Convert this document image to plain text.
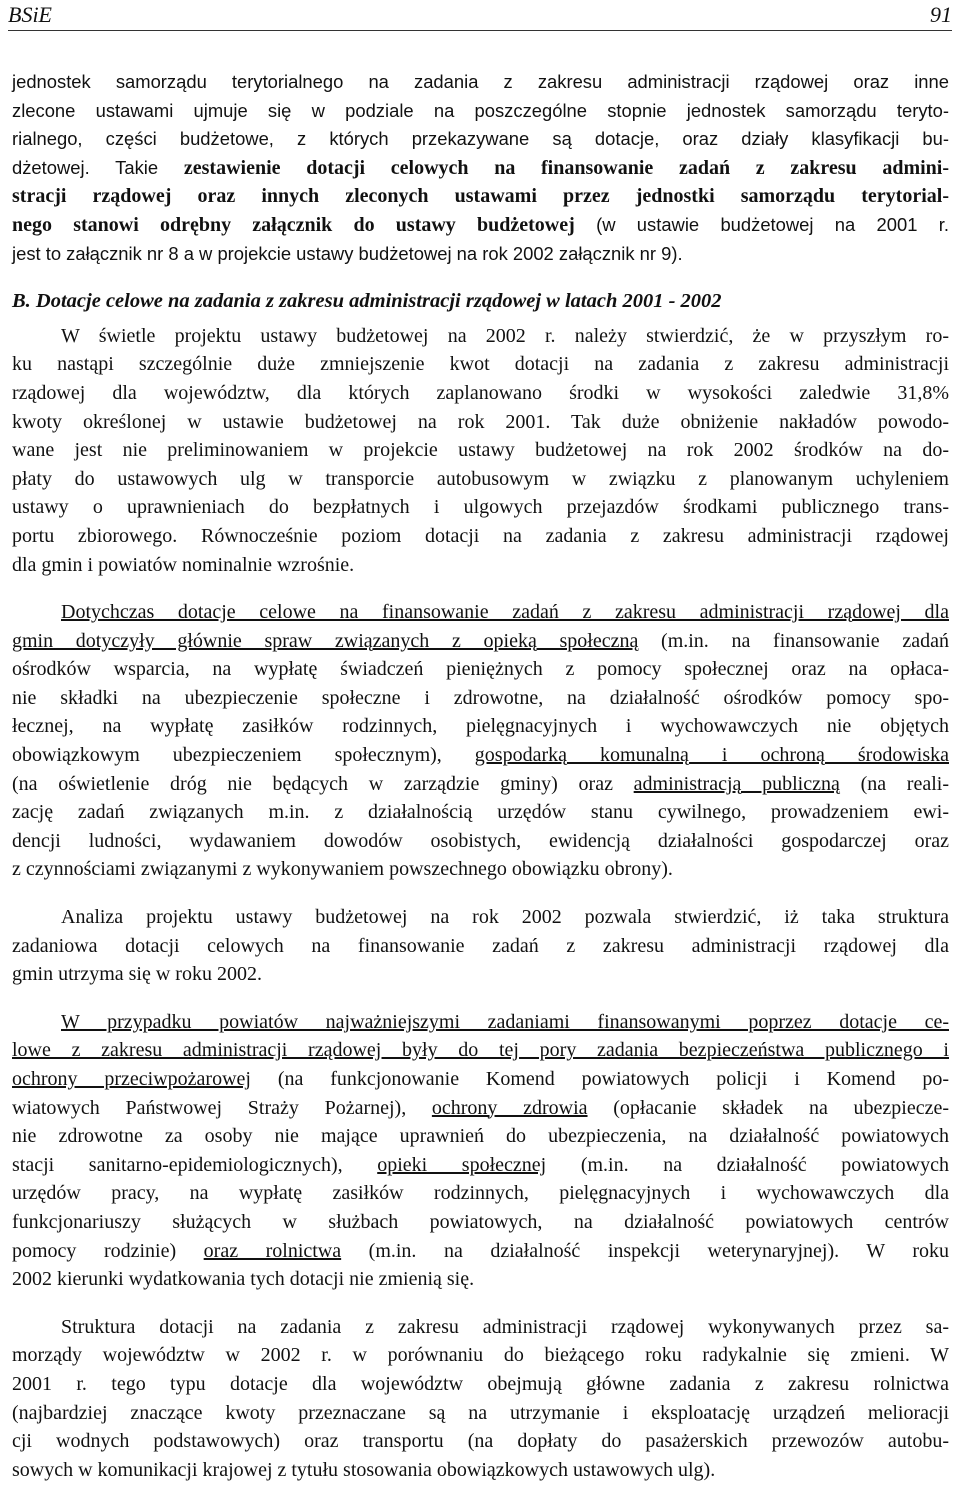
BSiE	91
jednostek samorządu terytorialnego na zadania z zakresu administracji rządowej oraz inne
zlecone ustawami ujmuje się w podziale na poszczególne stopnie jednostek samorządu teryto-
rialnego, części budżetowe, z których przekazywane są dotacje, oraz działy klasyfikacji bu-
dżetowej. Takie zestawienie dotacji celowych na finansowanie zadań z zakresu admini-
stracji rządowej oraz innych zleconych ustawami przez jednostki samorządu terytorial-
nego stanowi odrębny załącznik do ustawy budżetowej (w ustawie budżetowej na 2001 r.
jest to załącznik nr 8 a w projekcie ustawy budżetowej na rok 2002 załącznik nr 9).
B. Dotacje celowe na zadania z zakresu administracji rządowej w latach 2001 - 2002
W świetle projektu ustawy budżetowej na 2002 r. należy stwierdzić, że w przyszłym ro-
ku nastąpi szczególnie duże zmniejszenie kwot dotacji na zadania z zakresu administracji
rządowej dla województw, dla których zaplanowano środki w wysokości zaledwie 31,8%
kwoty określonej w ustawie budżetowej na rok 2001. Tak duże obniżenie nakładów powodo-
wane jest nie preliminowaniem w projekcie ustawy budżetowej na rok 2002 środków na do-
płaty do ustawowych ulg w transporcie autobusowym w związku z planowanym uchyleniem
ustawy o uprawnieniach do bezpłatnych i ulgowych przejazdów środkami publicznego trans-
portu zbiorowego. Równocześnie poziom dotacji na zadania z zakresu administracji rządowej
dla gmin i powiatów nominalnie wzrośnie.
Dotychczas dotacje celowe na finansowanie zadań z zakresu administracji rządowej dla
gmin dotyczyły głównie spraw związanych z opieką społeczną (m.in. na finansowanie zadań
ośrodków wsparcia, na wypłatę świadczeń pieniężnych z pomocy społecznej oraz na opłaca-
nie składki na ubezpieczenie społeczne i zdrowotne, na działalność ośrodków pomocy spo-
łecznej, na wypłatę zasiłków rodzinnych, pielęgnacyjnych i wychowawczych nie objętych
obowiązkowym ubezpieczeniem społecznym), gospodarką komunalną i ochroną środowiska
(na oświetlenie dróg nie będących w zarządzie gminy) oraz administracją publiczną (na reali-
zację zadań związanych m.in. z działalnością urzędów stanu cywilnego, prowadzeniem ewi-
dencji ludności, wydawaniem dowodów osobistych, ewidencją działalności gospodarczej oraz
z czynnościami związanymi z wykonywaniem powszechnego obowiązku obrony).
Analiza projektu ustawy budżetowej na rok 2002 pozwala stwierdzić, iż taka struktura
zadaniowa dotacji celowych na finansowanie zadań z zakresu administracji rządowej dla
gmin utrzyma się w roku 2002.
W przypadku powiatów najważniejszymi zadaniami finansowanymi poprzez dotacje ce-
lowe z zakresu administracji rządowej były do tej pory zadania bezpieczeństwa publicznego i
ochrony przeciwpożarowej (na funkcjonowanie Komend powiatowych policji i Komend po-
wiatowych Państwowej Straży Pożarnej), ochrony zdrowia (opłacanie składek na ubezpiecze-
nie zdrowotne za osoby nie mające uprawnień do ubezpieczenia, na działalność powiatowych
stacji sanitarno-epidemiologicznych), opieki społecznej (m.in. na działalność powiatowych
urzędów pracy, na wypłatę zasiłków rodzinnych, pielęgnacyjnych i wychowawczych dla
funkcjonariuszy służących w służbach powiatowych, na działalność powiatowych centrów
pomocy rodzinie) oraz rolnictwa (m.in. na działalność inspekcji weterynaryjnej). W roku
2002 kierunki wydatkowania tych dotacji nie zmienią się.
Struktura dotacji na zadania z zakresu administracji rządowej wykonywanych przez sa-
morządy województw w 2002 r. w porównaniu do bieżącego roku radykalnie się zmieni. W
2001 r. tego typu dotacje dla województw obejmują główne zadania z zakresu rolnictwa
(najbardziej znaczące kwoty przeznaczane są na utrzymanie i eksploatację urządzeń melioracji
cji wodnych podstawowych) oraz transportu (na dopłaty do pasażerskich przewozów autobu-
sowych w komunikacji krajowej z tytułu stosowania obowiązkowych ustawowych ulg).
